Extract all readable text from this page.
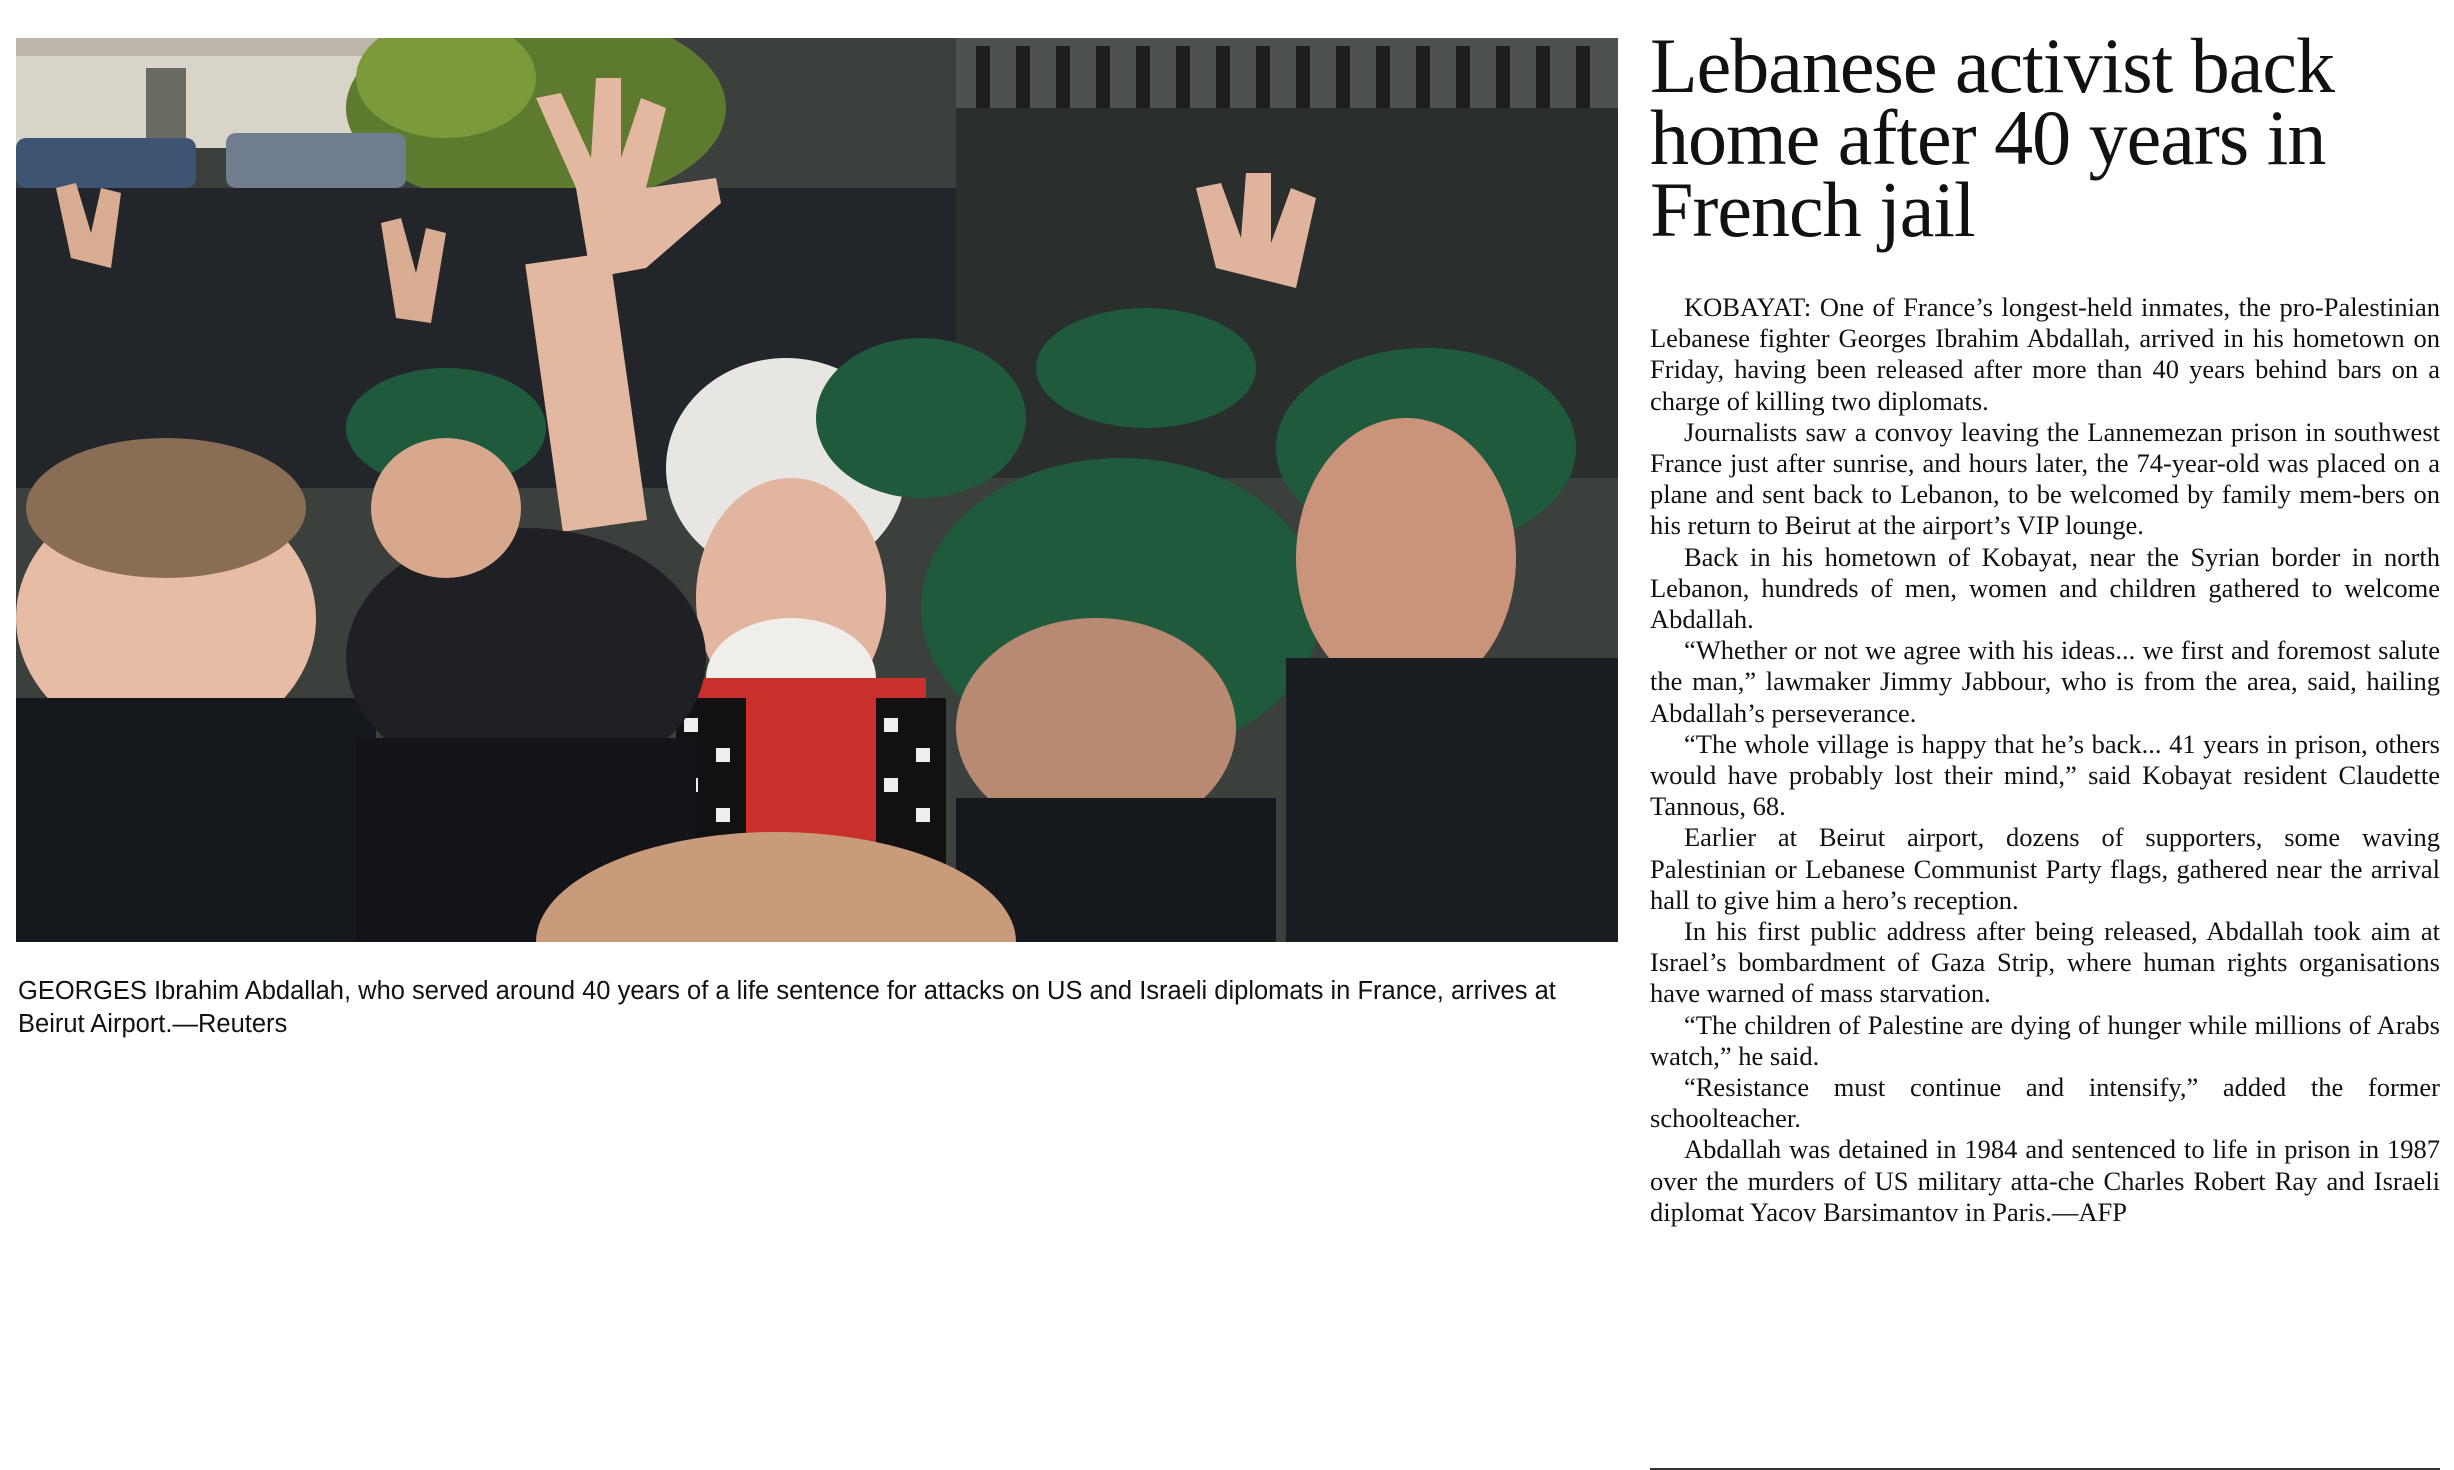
GEORGES Ibrahim Abdallah, who served around 40 years of a life sentence for attacks on US and Israeli diplomats in France, arrives at Beirut Airport.—Reuters
Lebanese activist back home after 40 years in French jail

KOBAYAT: One of France’s longest-held inmates, the pro-Palestinian Lebanese fighter Georges Ibrahim Abdallah, arrived in his hometown on Friday, having been released after more than 40 years behind bars on a charge of killing two diplomats.

Journalists saw a convoy leaving the Lannemezan prison in southwest France just after sunrise, and hours later, the 74-year-old was placed on a plane and sent back to Lebanon, to be welcomed by family mem-bers on his return to Beirut at the airport’s VIP lounge.

Back in his hometown of Kobayat, near the Syrian border in north Lebanon, hundreds of men, women and children gathered to welcome Abdallah.

“Whether or not we agree with his ideas... we first and foremost salute the man,” lawmaker Jimmy Jabbour, who is from the area, said, hailing Abdallah’s perseverance.

“The whole village is happy that he’s back... 41 years in prison, others would have probably lost their mind,” said Kobayat resident Claudette Tannous, 68.

Earlier at Beirut airport, dozens of supporters, some waving Palestinian or Lebanese Communist Party flags, gathered near the arrival hall to give him a hero’s reception.

In his first public address after being released, Abdallah took aim at Israel’s bombardment of Gaza Strip, where human rights organisations have warned of mass starvation.

“The children of Palestine are dying of hunger while millions of Arabs watch,” he said.

“Resistance must continue and intensify,” added the former schoolteacher.

Abdallah was detained in 1984 and sentenced to life in prison in 1987 over the murders of US military atta-che Charles Robert Ray and Israeli diplomat Yacov Barsimantov in Paris.—AFP
